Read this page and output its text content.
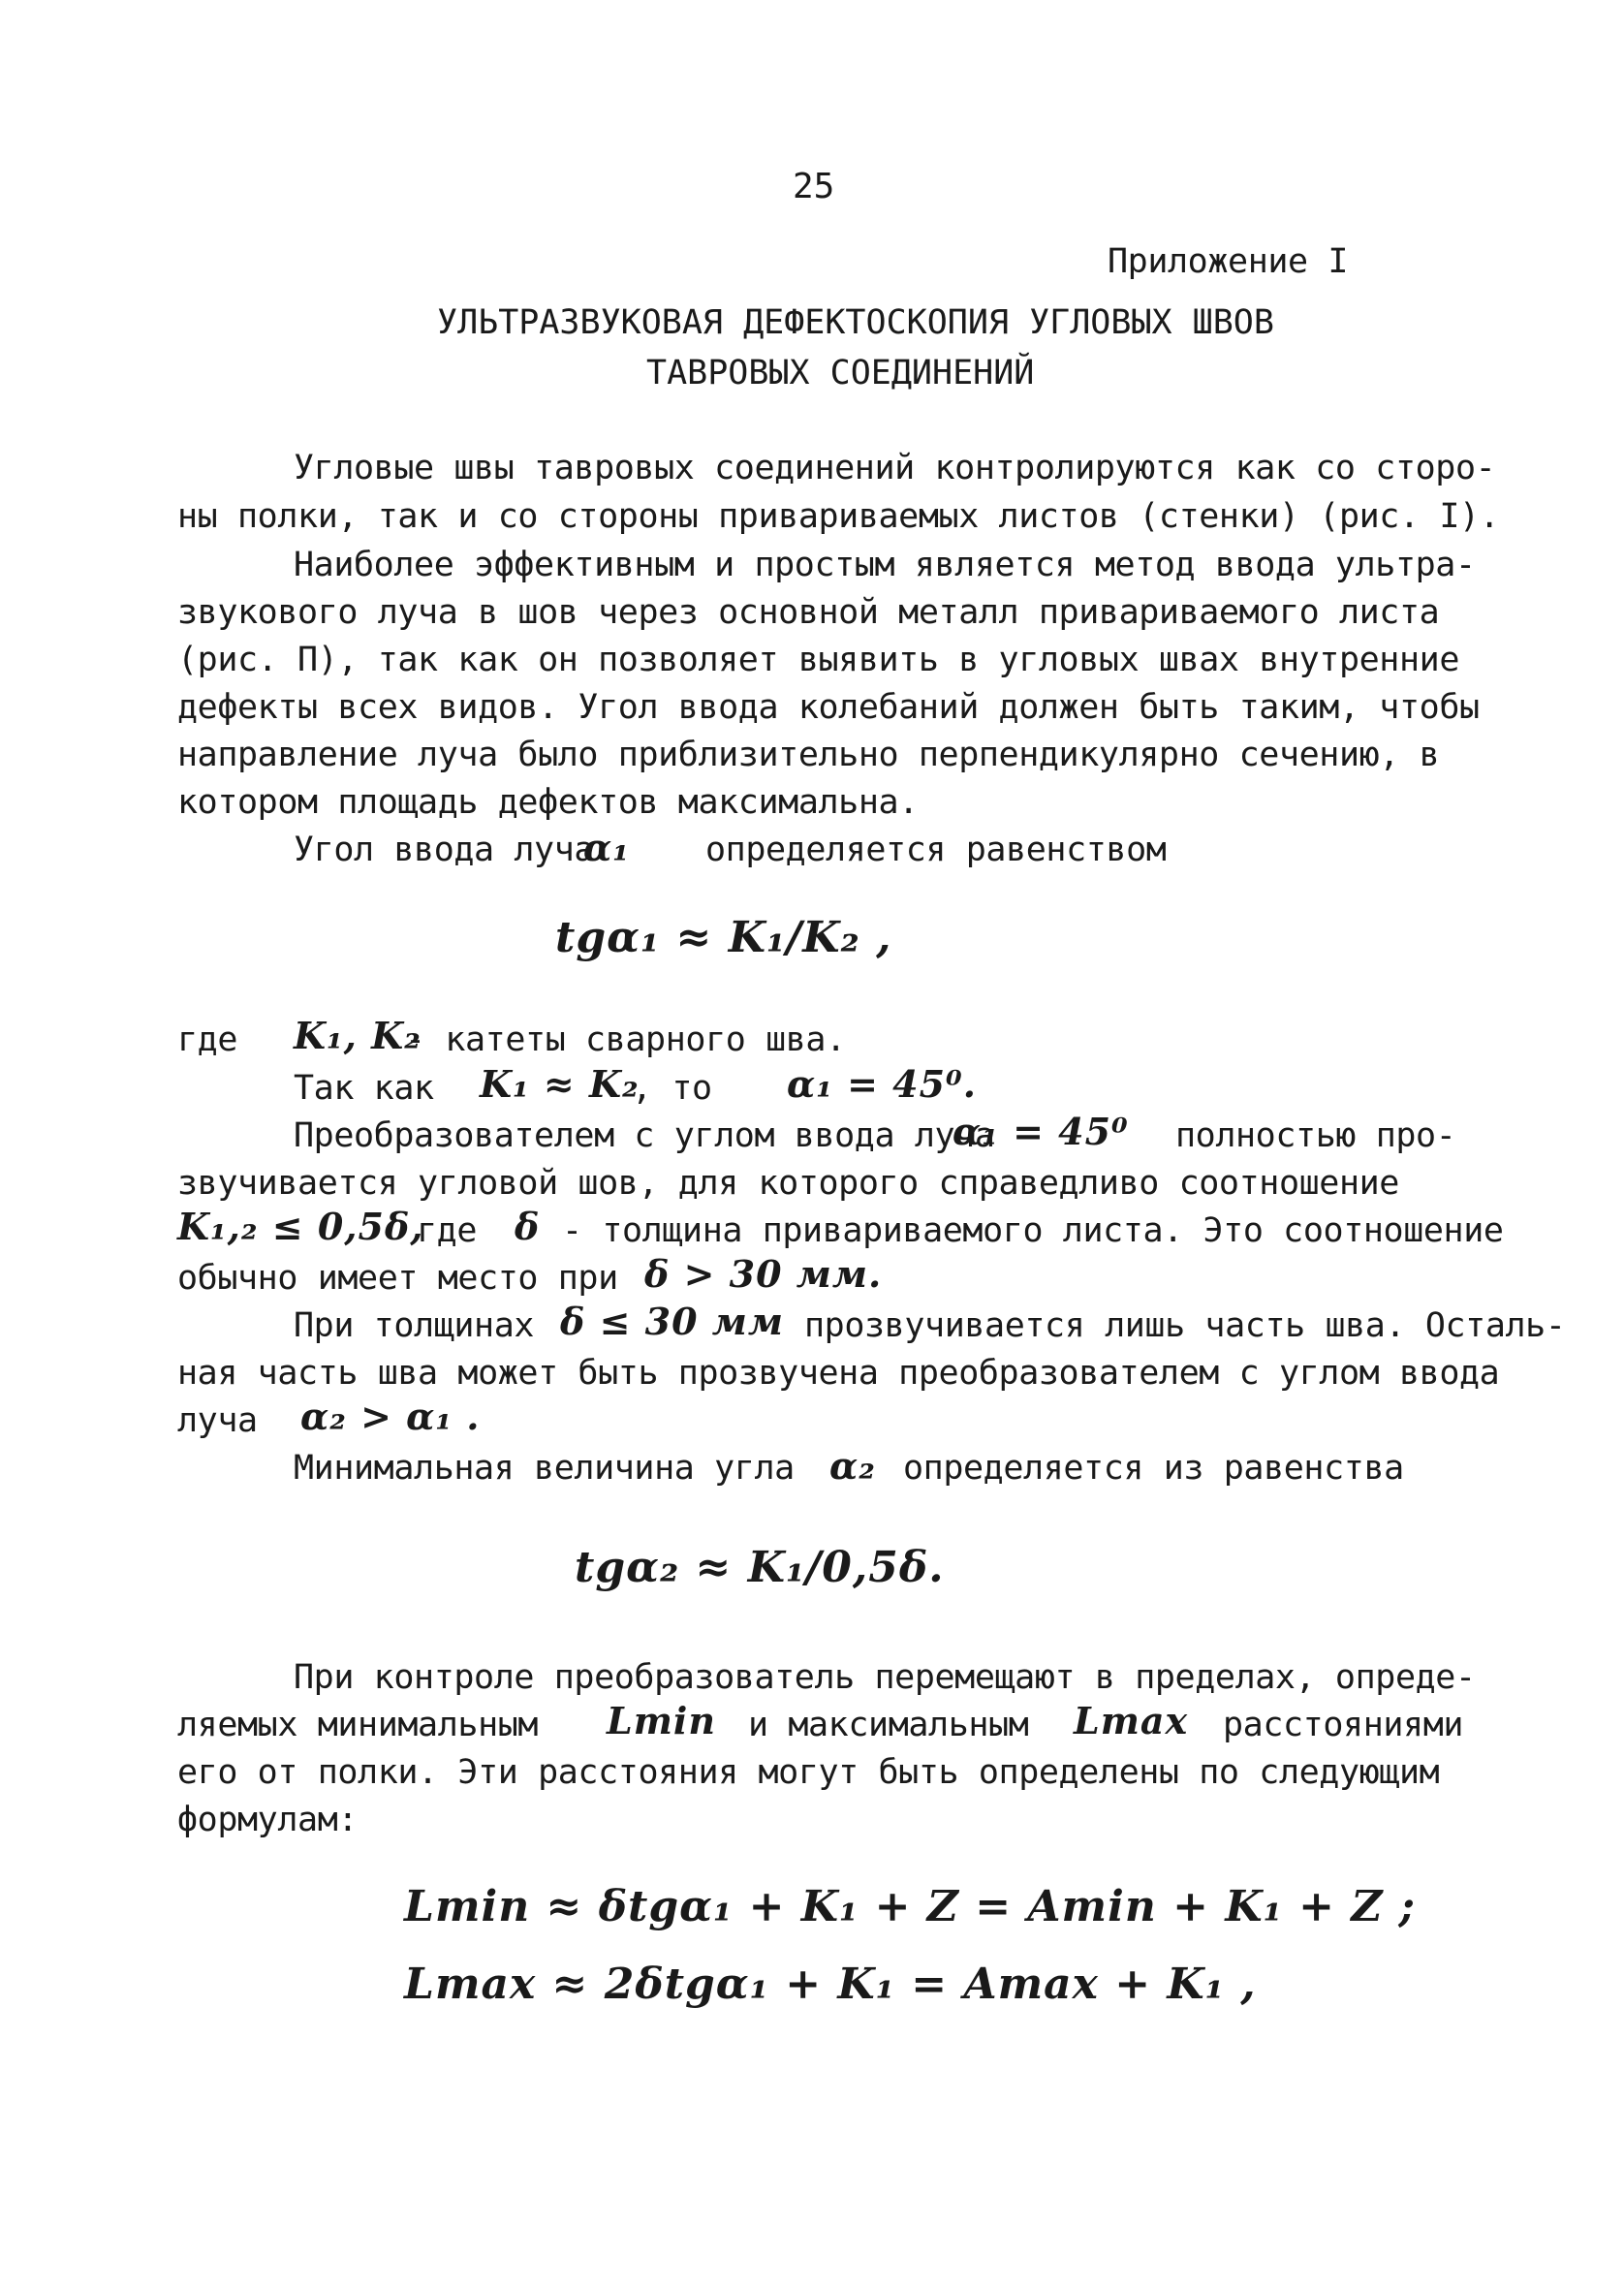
25
Приложение I
УЛЬТРАЗВУКОВАЯ ДЕФЕКТОСКОПИЯ УГЛОВЫХ ШВОВ
ТАВРОВЫХ СОЕДИНЕНИЙ
Угловые швы тавровых соединений контролируются как со сторо-
ны полки, так и со стороны привариваемых листов (стенки) (рис. I).
Наиболее эффективным и простым является метод ввода ультра-
звукового луча в шов через основной металл привариваемого листа
(рис. П), так как он позволяет выявить в угловых швах внутренние
дефекты всех видов. Угол ввода колебаний должен быть таким, чтобы
направление луча было приблизительно перпендикулярно сечению, в
котором площадь дефектов максимальна.
Угол ввода луча
α₁ определяется равенством
tgα₁ ≈ K₁/K₂ ,
где K₁, K₂
- катеты сварного шва.
Так как K₁ ≈ K₂
, то α₁ = 45⁰.
Преобразователем с углом ввода луча
α₁ = 45⁰ полностью про-
звучивается угловой шов, для которого справедливо соотношение
K₁,₂ ≤ 0,5δ,
где δ - толщина привариваемого листа. Это соотношение
обычно имеет место при δ > 30 мм.
При толщинах δ ≤ 30 мм прозвучивается лишь часть шва. Осталь-
ная часть шва может быть прозвучена преобразователем с углом ввода
луча α₂ > α₁ .
Минимальная величина угла α₂ определяется из равенства
tgα₂ ≈ K₁/0,5δ.
При контроле преобразователь перемещают в пределах, опреде-
ляемых минимальным Lmin и максимальным Lmax расстояниями
его от полки. Эти расстояния могут быть определены по следующим
формулам:
Lmin ≈ δtgα₁ + K₁ + Z = Amin + K₁ + Z ;
Lmax ≈ 2δtgα₁ + K₁ = Amax + K₁ ,
